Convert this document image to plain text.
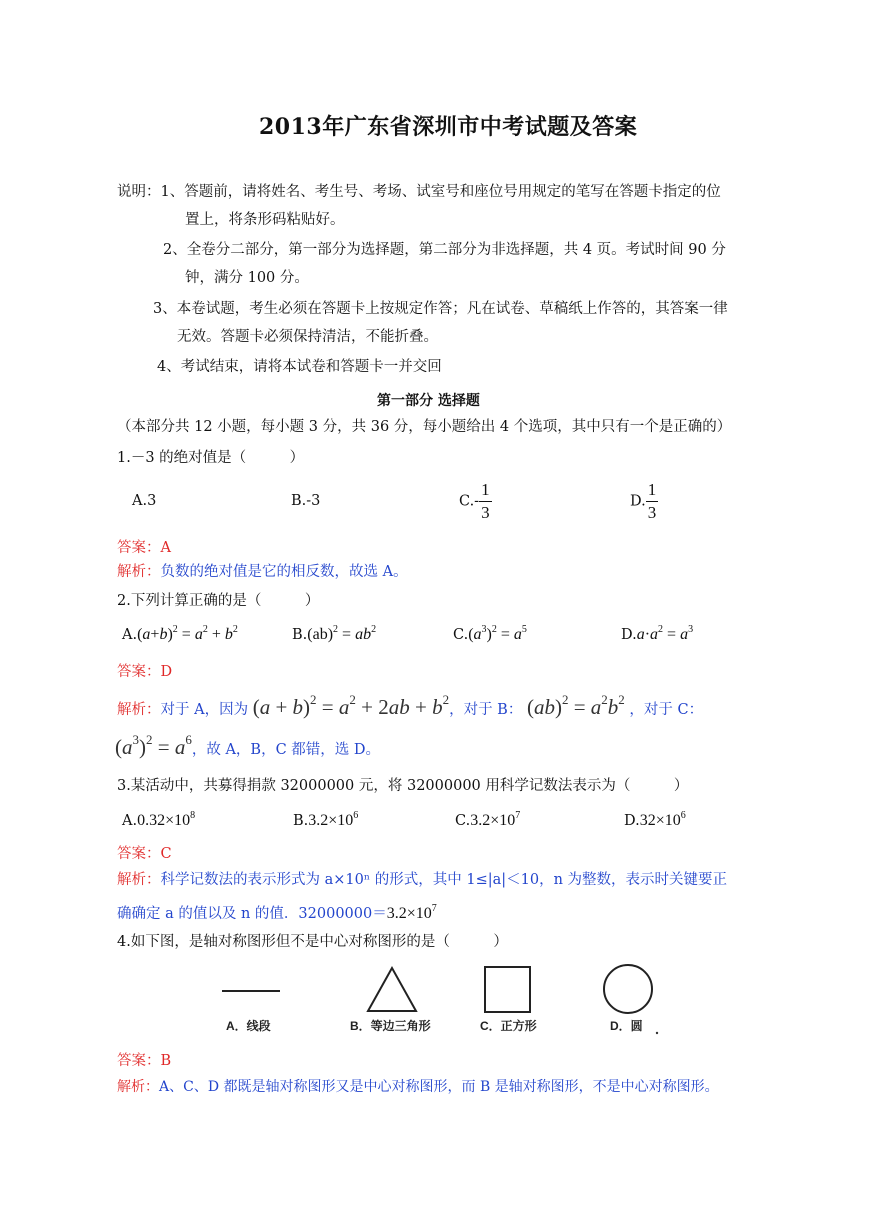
2013年广东省深圳市中考试题及答案
说明：1、答题前，请将姓名、考生号、考场、试室号和座位号用规定的笔写在答题卡指定的位
置上，将条形码粘贴好。
2、全卷分二部分，第一部分为选择题，第二部分为非选择题，共 4 页。考试时间 90 分
钟，满分 100 分。
3、本卷试题，考生必须在答题卡上按规定作答；凡在试卷、草稿纸上作答的，其答案一律
无效。答题卡必须保持清洁，不能折叠。
4、考试结束，请将本试卷和答题卡一并交回
第一部分 选择题
（本部分共 12 小题，每小题 3 分，共 36 分，每小题给出 4 个选项，其中只有一个是正确的）
1.－3 的绝对值是（　　　）
A.3	B.-3	$C.- \frac{1}{3}$	D. $\frac{1}{3}$
答案：A
解析：负数的绝对值是它的相反数，故选 A。
2.下列计算正确的是（　　　）
$A.(a+b)^2 = a^2 + b^2$	$B.(ab)^2 = ab^2$	$C.(a^3)^2 = a^5$	$D.a\cdot a^2 = a^3$
答案：D
解析：对于 A，因为 $(a + b)^2 = a^2 + 2ab + b^2$，对于 B： $(ab)^2 = a^2b^2$ ，对于 C：
$(a^3)^2 = a^6$，故 A，B，C 都错，选 D。
3.某活动中，共募得捐款 32000000 元，将 32000000 用科学记数法表示为（　　　）
$A.0.32\times 10^8$	$B.3.2\times 10^6$	$C.3.2\times 10^7$	$D.32\times 10^6$
答案：C
解析：科学记数法的表示形式为 a×10ⁿ 的形式，其中 1≤|a|＜10，n 为整数，表示时关键要正
确确定 a 的值以及 n 的值．$32000000=3.2\times 10^7$
4.如下图，是轴对称图形但不是中心对称图形的是（　　　）
A．线段	B．等边三角形	C．正方形	D．圆
答案：B
解析：A、C、D 都既是轴对称图形又是中心对称图形，而 B 是轴对称图形，不是中心对称图形。
